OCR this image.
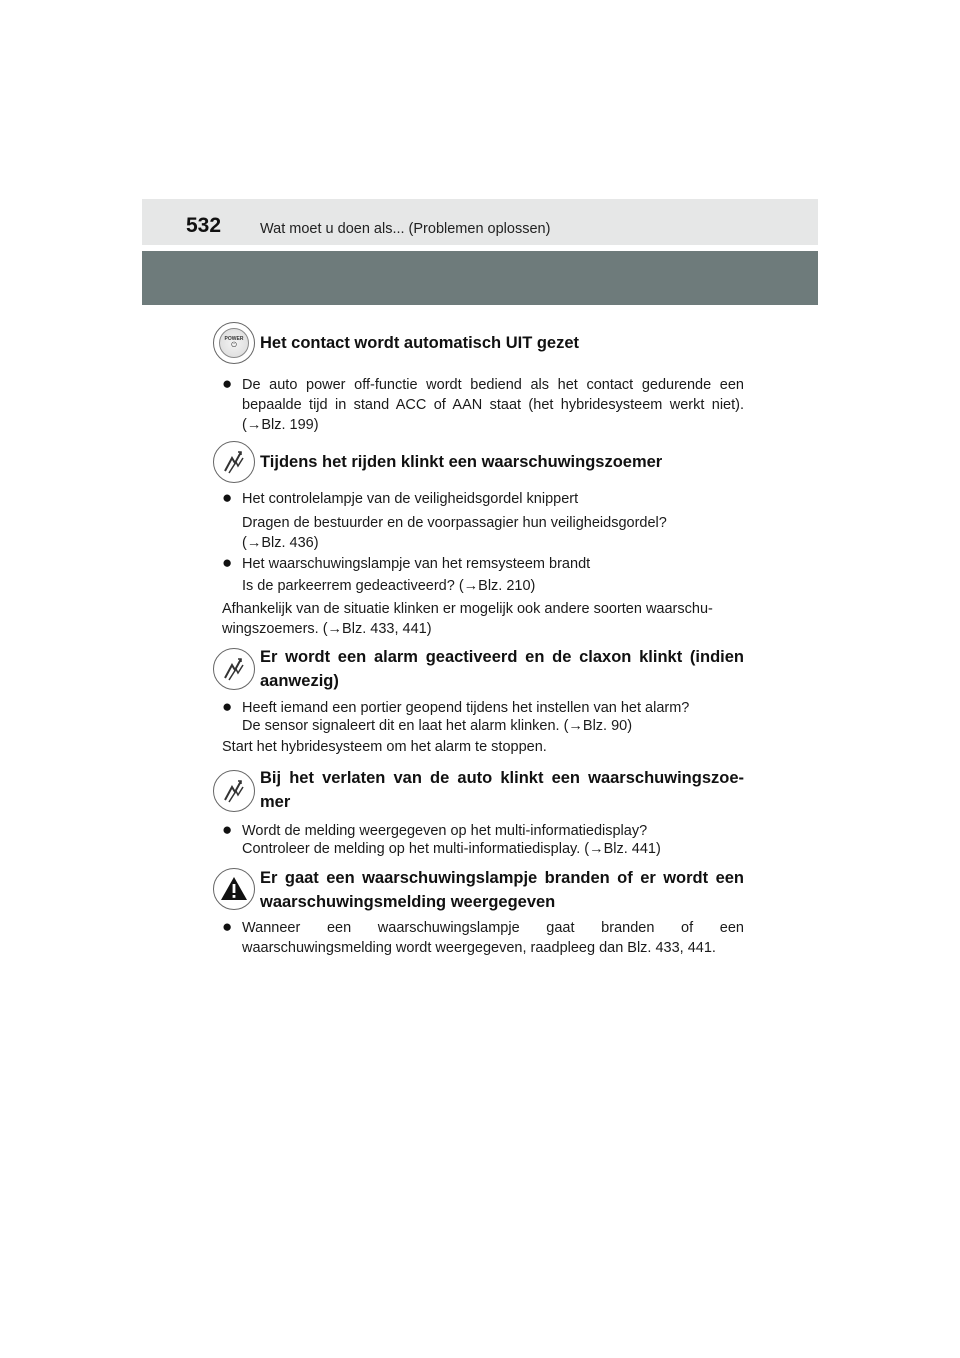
532	Wat moet u doen als... (Problemen oplossen)
POWER
⏻ Het contact wordt automatisch UIT gezet
● De auto power off-functie wordt bediend als het contact gedurende een bepaalde tijd in stand ACC of AAN staat (het hybridesysteem werkt niet). (→Blz. 199)
Tijdens het rijden klinkt een waarschuwingszoemer
● Het controlelampje van de veiligheidsgordel knippert
Dragen de bestuurder en de voorpassagier hun veiligheidsgordel? (→Blz. 436)
● Het waarschuwingslampje van het remsysteem brandt
Is de parkeerrem gedeactiveerd? (→Blz. 210)
Afhankelijk van de situatie klinken er mogelijk ook andere soorten waarschu-
wingszoemers. (→Blz. 433, 441)
Er wordt een alarm geactiveerd en de claxon klinkt (indien aanwezig)
● Heeft iemand een portier geopend tijdens het instellen van het alarm?
De sensor signaleert dit en laat het alarm klinken. (→Blz. 90)
Start het hybridesysteem om het alarm te stoppen.
Bij het verlaten van de auto klinkt een waarschuwingszoe-
mer
● Wordt de melding weergegeven op het multi-informatiedisplay?
Controleer de melding op het multi-informatiedisplay. (→Blz. 441)
Er gaat een waarschuwingslampje branden of er wordt een waarschuwingsmelding weergegeven
● Wanneer een waarschuwingslampje gaat branden of een waarschuwingsmelding wordt weergegeven, raadpleeg dan Blz. 433, 441.
